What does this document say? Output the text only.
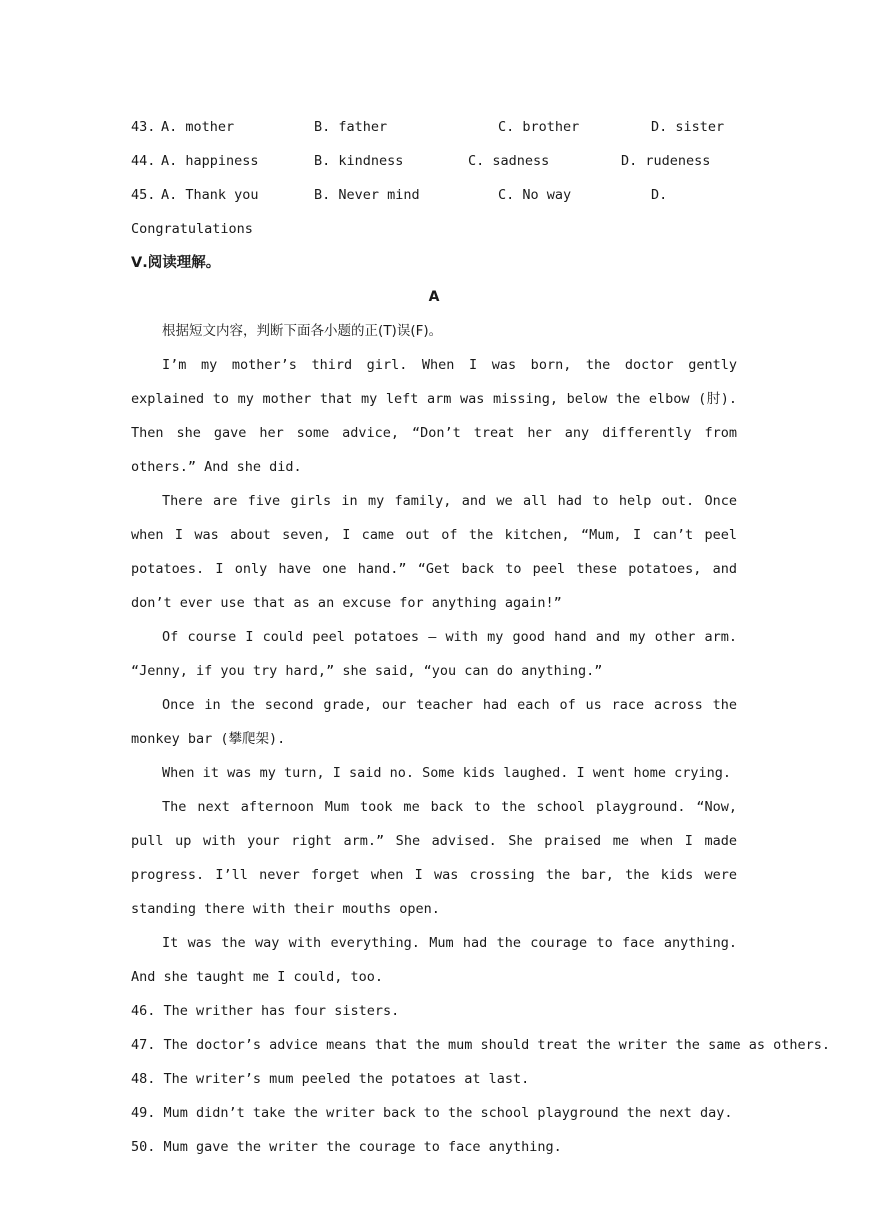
43. A. mother	B. father	C. brother	D. sister
44. A. happiness	B. kindness	C. sadness	D. rudeness
45. A. Thank you	B. Never mind	C. No way	D.
Congratulations
Ⅴ.阅读理解。
A
根据短文内容，判断下面各小题的正(T)误(F)。
I’m my mother’s third girl. When I was born, the doctor gently explained to my mother that my left arm was missing, below the elbow (肘). Then she gave her some advice, “Don’t treat her any differently from others.” And she did.
There are five girls in my family, and we all had to help out. Once when I was about seven, I came out of the kitchen, “Mum, I can’t peel potatoes. I only have one hand.” “Get back to peel these potatoes, and don’t ever use that as an excuse for anything again!”
Of course I could peel potatoes — with my good hand and my other arm. “Jenny, if you try hard,” she said, “you can do anything.”
Once in the second grade, our teacher had each of us race across the monkey bar (攀爬架).
When it was my turn, I said no. Some kids laughed. I went home crying.
The next afternoon Mum took me back to the school playground. “Now, pull up with your right arm.” She advised. She praised me when I made progress. I’ll never forget when I was crossing the bar, the kids were standing there with their mouths open.
It was the way with everything. Mum had the courage to face anything. And she taught me I could, too.
46. The writher has four sisters.
47. The doctor’s advice means that the mum should treat the writer the same as others.
48. The writer’s mum peeled the potatoes at last.
49. Mum didn’t take the writer back to the school playground the next day.
50. Mum gave the writer the courage to face anything.
